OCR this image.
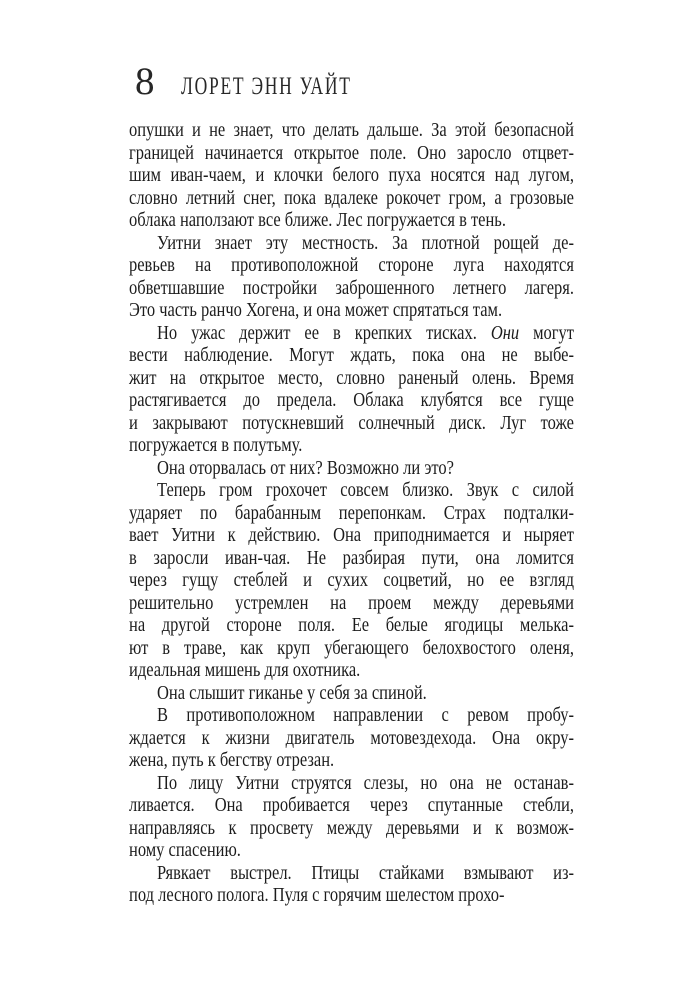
8 ЛОРЕТ ЭНН УАЙТ
опушки и не знает, что делать дальше. За этой безопасной
границей начинается открытое поле. Оно заросло отцвет-
шим иван-чаем, и клочки белого пуха носятся над лугом,
словно летний снег, пока вдалеке рокочет гром, а грозовые
облака наползают все ближе. Лес погружается в тень.
Уитни знает эту местность. За плотной рощей де-
ревьев на противоположной стороне луга находятся
обветшавшие постройки заброшенного летнего лагеря.
Это часть ранчо Хогена, и она может спрятаться там.
Но ужас держит ее в крепких тисках. Они могут
вести наблюдение. Могут ждать, пока она не выбе-
жит на открытое место, словно раненый олень. Время
растягивается до предела. Облака клубятся все гуще
и закрывают потускневший солнечный диск. Луг тоже
погружается в полутьму.
Она оторвалась от них? Возможно ли это?
Теперь гром грохочет совсем близко. Звук с силой
ударяет по барабанным перепонкам. Страх подталки-
вает Уитни к действию. Она приподнимается и ныряет
в заросли иван-чая. Не разбирая пути, она ломится
через гущу стеблей и сухих соцветий, но ее взгляд
решительно устремлен на проем между деревьями
на другой стороне поля. Ее белые ягодицы мелька-
ют в траве, как круп убегающего белохвостого оленя,
идеальная мишень для охотника.
Она слышит гиканье у себя за спиной.
В противоположном направлении с ревом пробу-
ждается к жизни двигатель мотовездехода. Она окру-
жена, путь к бегству отрезан.
По лицу Уитни струятся слезы, но она не останав-
ливается. Она пробивается через спутанные стебли,
направляясь к просвету между деревьями и к возмож-
ному спасению.
Рявкает выстрел. Птицы стайками взмывают из-
под лесного полога. Пуля с горячим шелестом прохо-
